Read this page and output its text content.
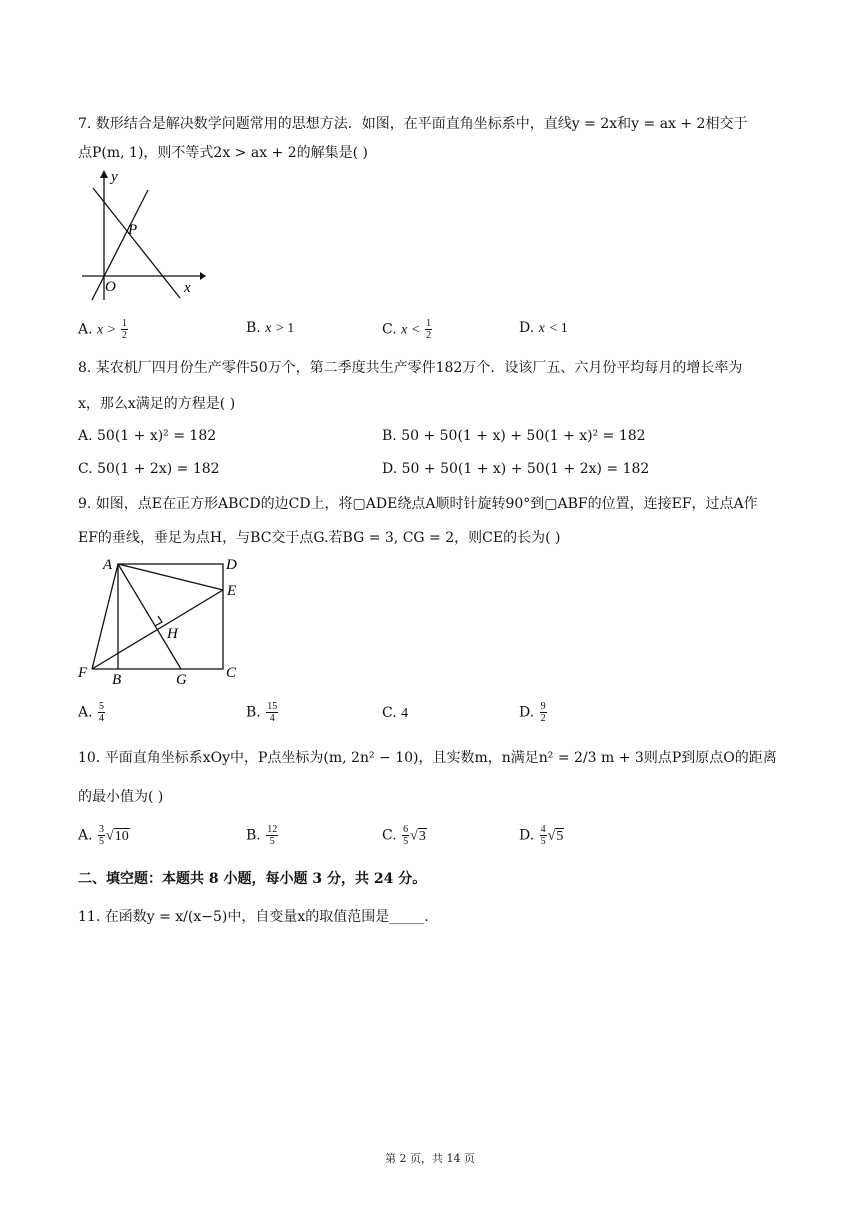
7. 数形结合是解决数学问题常用的思想方法．如图，在平面直角坐标系中，直线y = 2x和y = ax + 2相交于
点P(m, 1)，则不等式2x > ax + 2的解集是( )
y
P
O	x
A. $x > \frac{1}{2}$	B. x > 1	C. $x < \frac{1}{2}$	D. x < 1
8. 某农机厂四月份生产零件50万个，第二季度共生产零件182万个．设该厂五、六月份平均每月的增长率为
x，那么x满足的方程是( )
A. 50(1 + x)² = 182	B. 50 + 50(1 + x) + 50(1 + x)² = 182
C. 50(1 + 2x) = 182	D. 50 + 50(1 + x) + 50(1 + 2x) = 182
9. 如图，点E在正方形ABCD的边CD上，将▢ADE绕点A顺时针旋转90°到▢ABF的位置，连接EF，过点A作
EF的垂线，垂足为点H，与BC交于点G.若BG = 3, CG = 2，则CE的长为( )
A	D
E
H
F B	G	C
A. $\frac{5}{4}$	B. $\frac{15}{4}$	C. 4	D. $\frac{9}{2}$
10. 平面直角坐标系xOy中，P点坐标为(m, 2n² − 10)，且实数m，n满足n² = 2/3 m + 3则点P到原点O的距离
的最小值为( )
A. $\frac{3}{5} √10$	B. $\frac{12}{5}$	C. $\frac{6}{5} √3$	D. $\frac{4}{5} √5$
二、填空题：本题共 8 小题，每小题 3 分，共 24 分。
11. 在函数y = x/(x−5)中，自变量x的取值范围是_____.
第 2 页，共 14 页
